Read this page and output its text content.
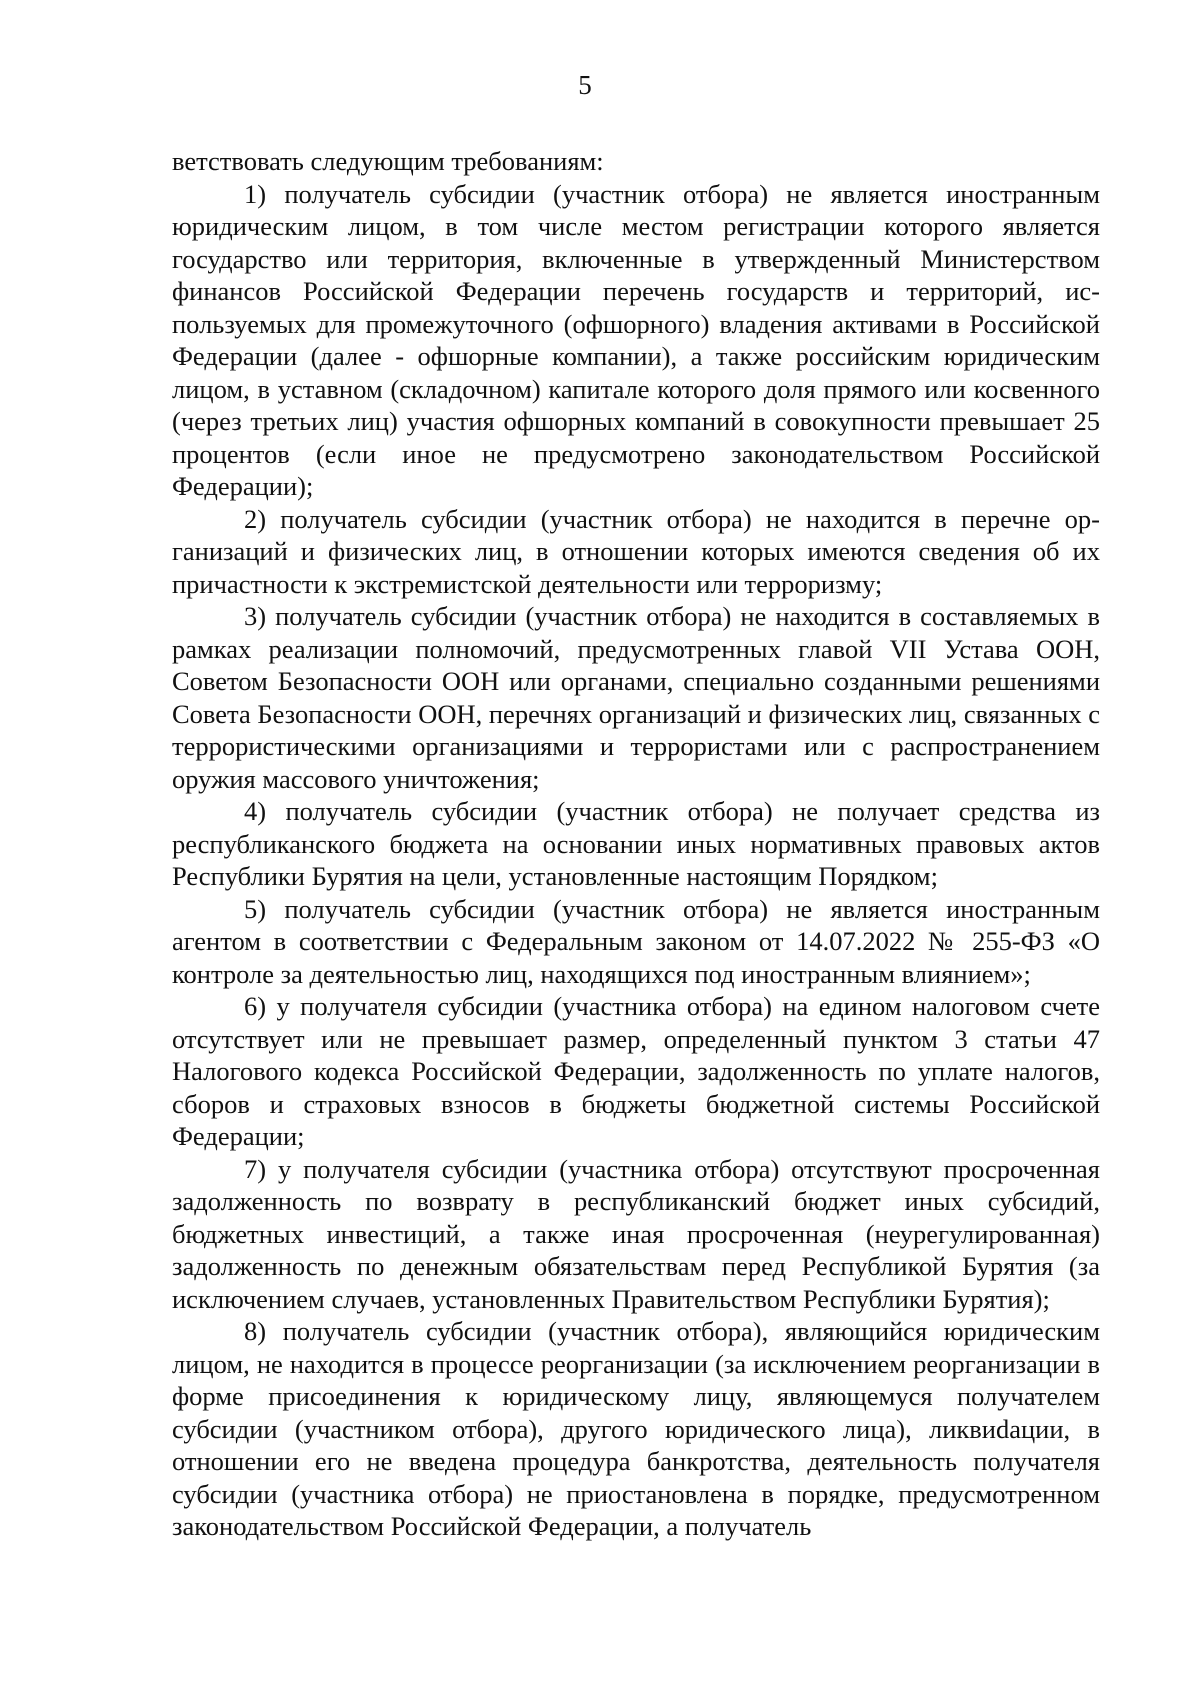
5

ветствовать следующим требованиям:

1) получатель субсидии (участник отбора) не является иностранным юридическим лицом, в том числе местом регистрации которого является государство или территория, включенные в утвержденный Министерством финансов Российской Федерации перечень государств и территорий, используемых для промежуточного (офшорного) владения активами в Российской Федерации (далее - офшорные компании), а также российским юридическим лицом, в уставном (складочном) капитале которого доля прямого или косвенного (через третьих лиц) участия офшорных компаний в совокупности превышает 25 процентов (если иное не предусмотрено законодательством Российской Федерации);

2) получатель субсидии (участник отбора) не находится в перечне организаций и физических лиц, в отношении которых имеются сведения об их причастности к экстремистской деятельности или терроризму;

3) получатель субсидии (участник отбора) не находится в составляемых в рамках реализации полномочий, предусмотренных главой VII Устава ООН, Советом Безопасности ООН или органами, специально созданными решениями Совета Безопасности ООН, перечнях организаций и физических лиц, связанных с террористическими организациями и террористами или с распространением оружия массового уничтожения;

4) получатель субсидии (участник отбора) не получает средства из республиканского бюджета на основании иных нормативных правовых актов Республики Бурятия на цели, установленные настоящим Порядком;

5) получатель субсидии (участник отбора) не является иностранным агентом в соответствии с Федеральным законом от 14.07.2022 № 255-ФЗ «О контроле за деятельностью лиц, находящихся под иностранным влиянием»;

6) у получателя субсидии (участника отбора) на едином налоговом счете отсутствует или не превышает размер, определенный пунктом 3 статьи 47 Налогового кодекса Российской Федерации, задолженность по уплате налогов, сборов и страховых взносов в бюджеты бюджетной системы Российской Федерации;

7) у получателя субсидии (участника отбора) отсутствуют просроченная задолженность по возврату в республиканский бюджет иных субсидий, бюджетных инвестиций, а также иная просроченная (неурегулированная) задолженность по денежным обязательствам перед Республикой Бурятия (за исключением случаев, установленных Правительством Республики Бурятия);

8) получатель субсидии (участник отбора), являющийся юридическим лицом, не находится в процессе реорганизации (за исключением реорганизации в форме присоединения к юридическому лицу, являющемуся получателем субсидии (участником отбора), другого юридического лица), ликвиdации, в отношении его не введена процедура банкротства, деятельность получателя субсидии (участника отбора) не приостановлена в порядке, предусмотренном законодательством Российской Федерации, а получатель
